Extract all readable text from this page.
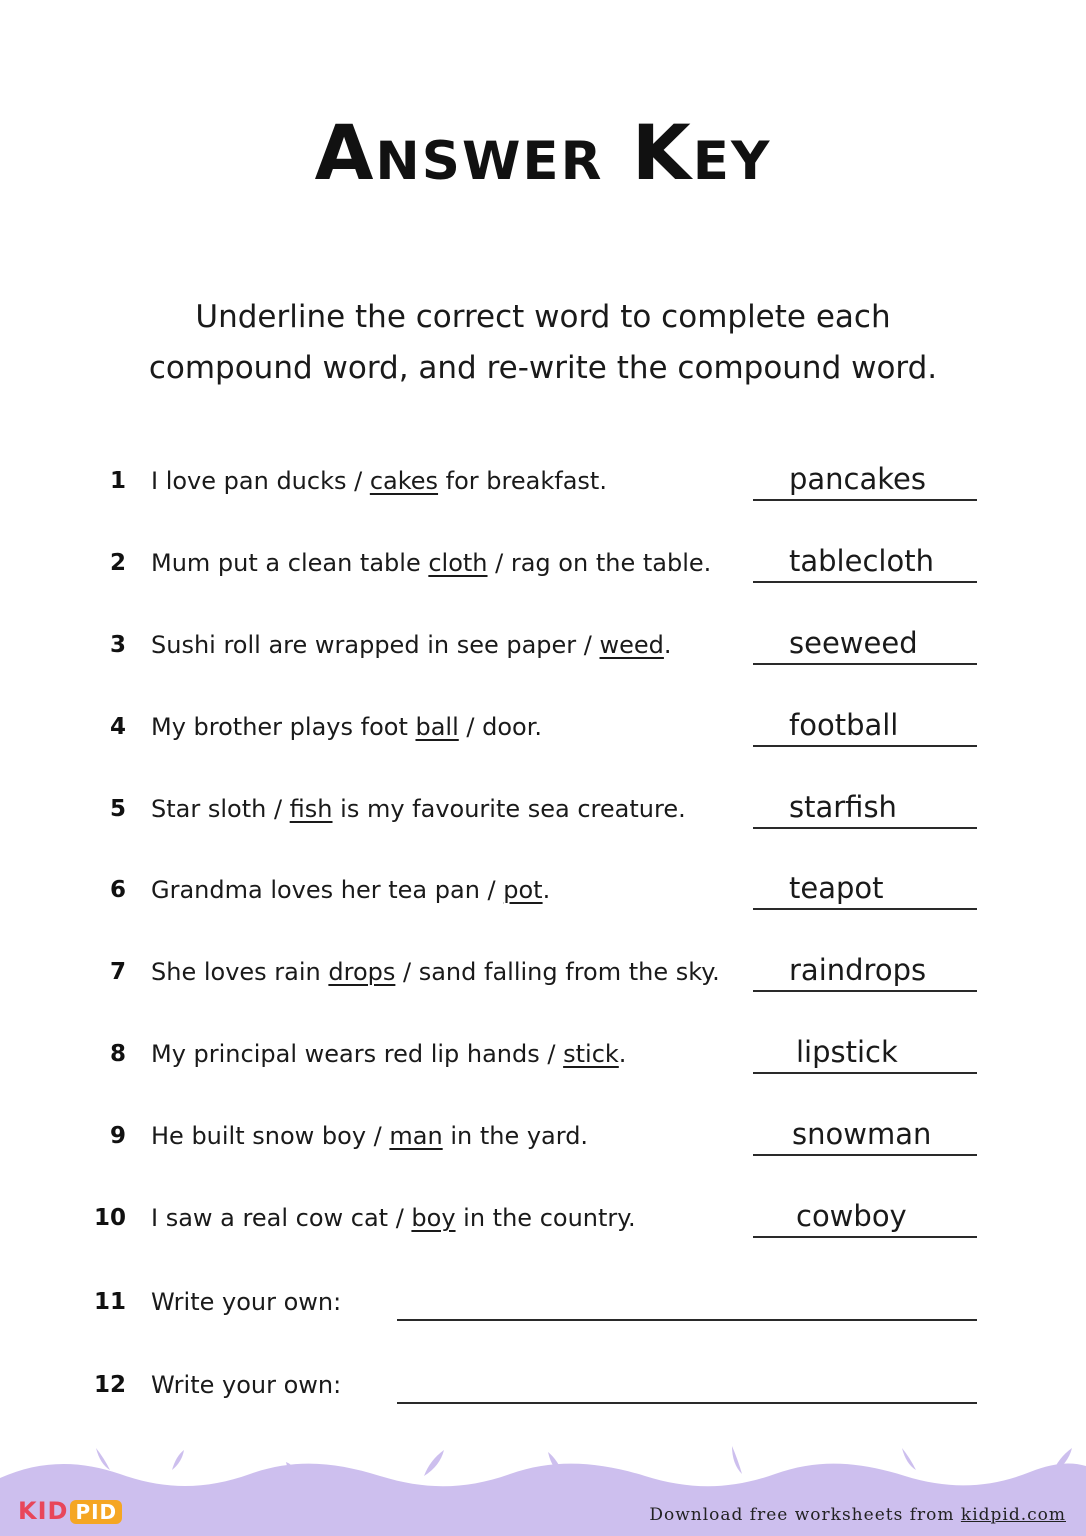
Answer Key
Underline the correct word to complete each
compound word, and re-write the compound word.
1 I love pan ducks / cakes for breakfast.	pancakes
2 Mum put a clean table cloth / rag on the table.	tablecloth
3 Sushi roll are wrapped in see paper / weed.	seeweed
4 My brother plays foot ball / door.	football
5 Star sloth / fish is my favourite sea creature.	starfish
6 Grandma loves her tea pan / pot.	teapot
7 She loves rain drops / sand falling from the sky. raindrops
8 My principal wears red lip hands / stick.	lipstick
9 He built snow boy / man in the yard.	snowman
10 I saw a real cow cat / boy in the country.	cowboy
11 Write your own:
12 Write your own:
KID PID	Download free worksheets from kidpid.com
